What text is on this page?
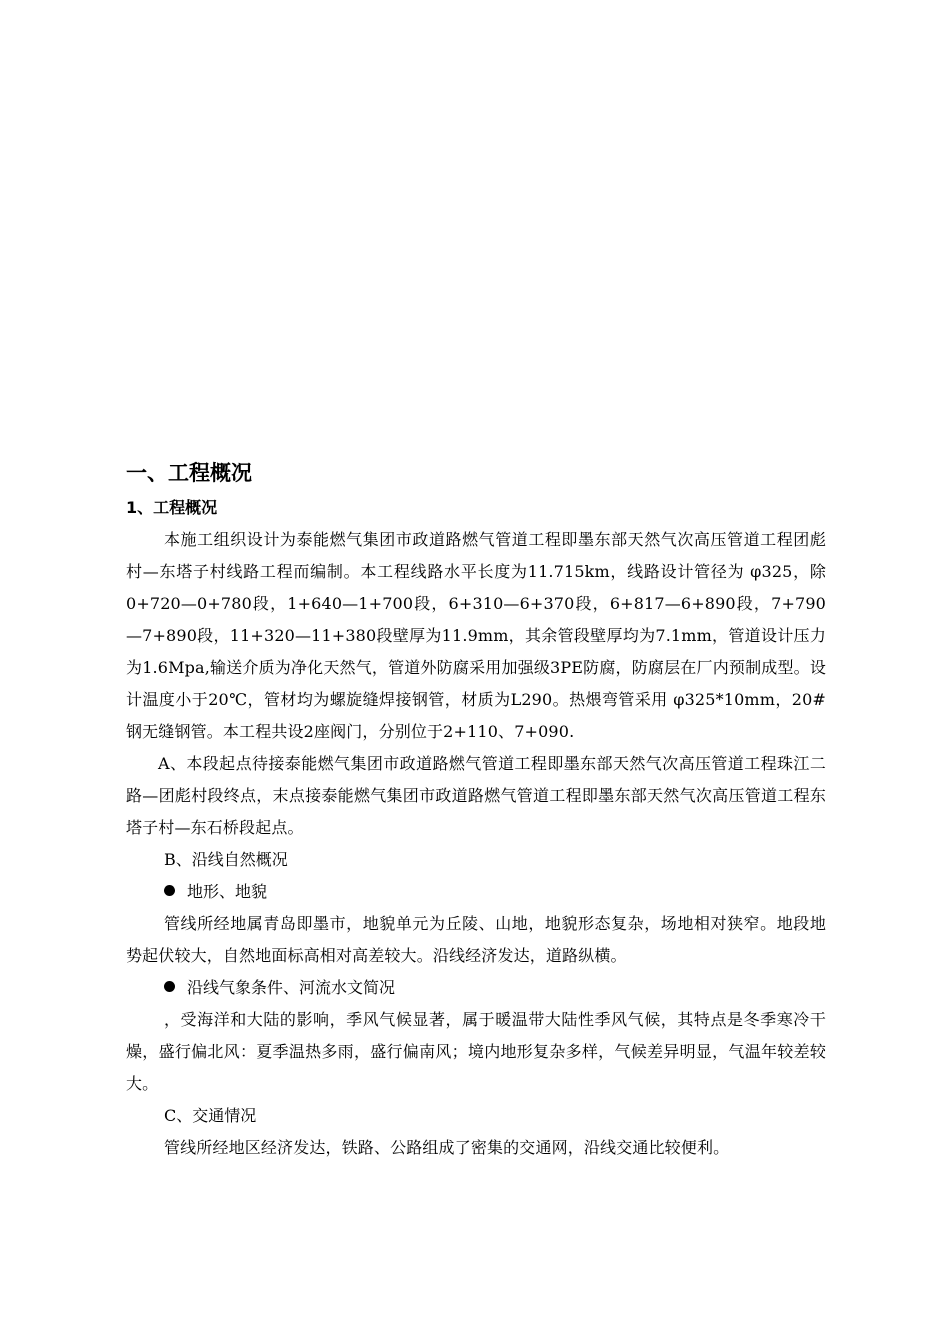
一、工程概况
1、工程概况

本施工组织设计为泰能燃气集团市政道路燃气管道工程即墨东部天然气次高压管道工程团彪村—东塔子村线路工程而编制。本工程线路水平长度为11.715km，线路设计管径为 φ325，除0+720—0+780段，1+640—1+700段，6+310—6+370段，6+817—6+890段，7+790—7+890段，11+320—11+380段壁厚为11.9mm，其余管段壁厚均为7.1mm，管道设计压力为1.6Mpa,输送介质为净化天然气，管道外防腐采用加强级3PE防腐，防腐层在厂内预制成型。设计温度小于20℃，管材均为螺旋缝焊接钢管，材质为L290。热煨弯管采用 φ325*10mm，20#钢无缝钢管。本工程共设2座阀门，分别位于2+110、7+090.

A、本段起点待接泰能燃气集团市政道路燃气管道工程即墨东部天然气次高压管道工程珠江二路—团彪村段终点，末点接泰能燃气集团市政道路燃气管道工程即墨东部天然气次高压管道工程东塔子村—东石桥段起点。

B、沿线自然概况

地形、地貌

管线所经地属青岛即墨市，地貌单元为丘陵、山地，地貌形态复杂，场地相对狭窄。地段地势起伏较大，自然地面标高相对高差较大。沿线经济发达，道路纵横。

沿线气象条件、河流水文简况

，受海洋和大陆的影响，季风气候显著，属于暖温带大陆性季风气候，其特点是冬季寒冷干燥，盛行偏北风：夏季温热多雨，盛行偏南风；境内地形复杂多样，气候差异明显，气温年较差较大。

C、交通情况

管线所经地区经济发达，铁路、公路组成了密集的交通网，沿线交通比较便利。
